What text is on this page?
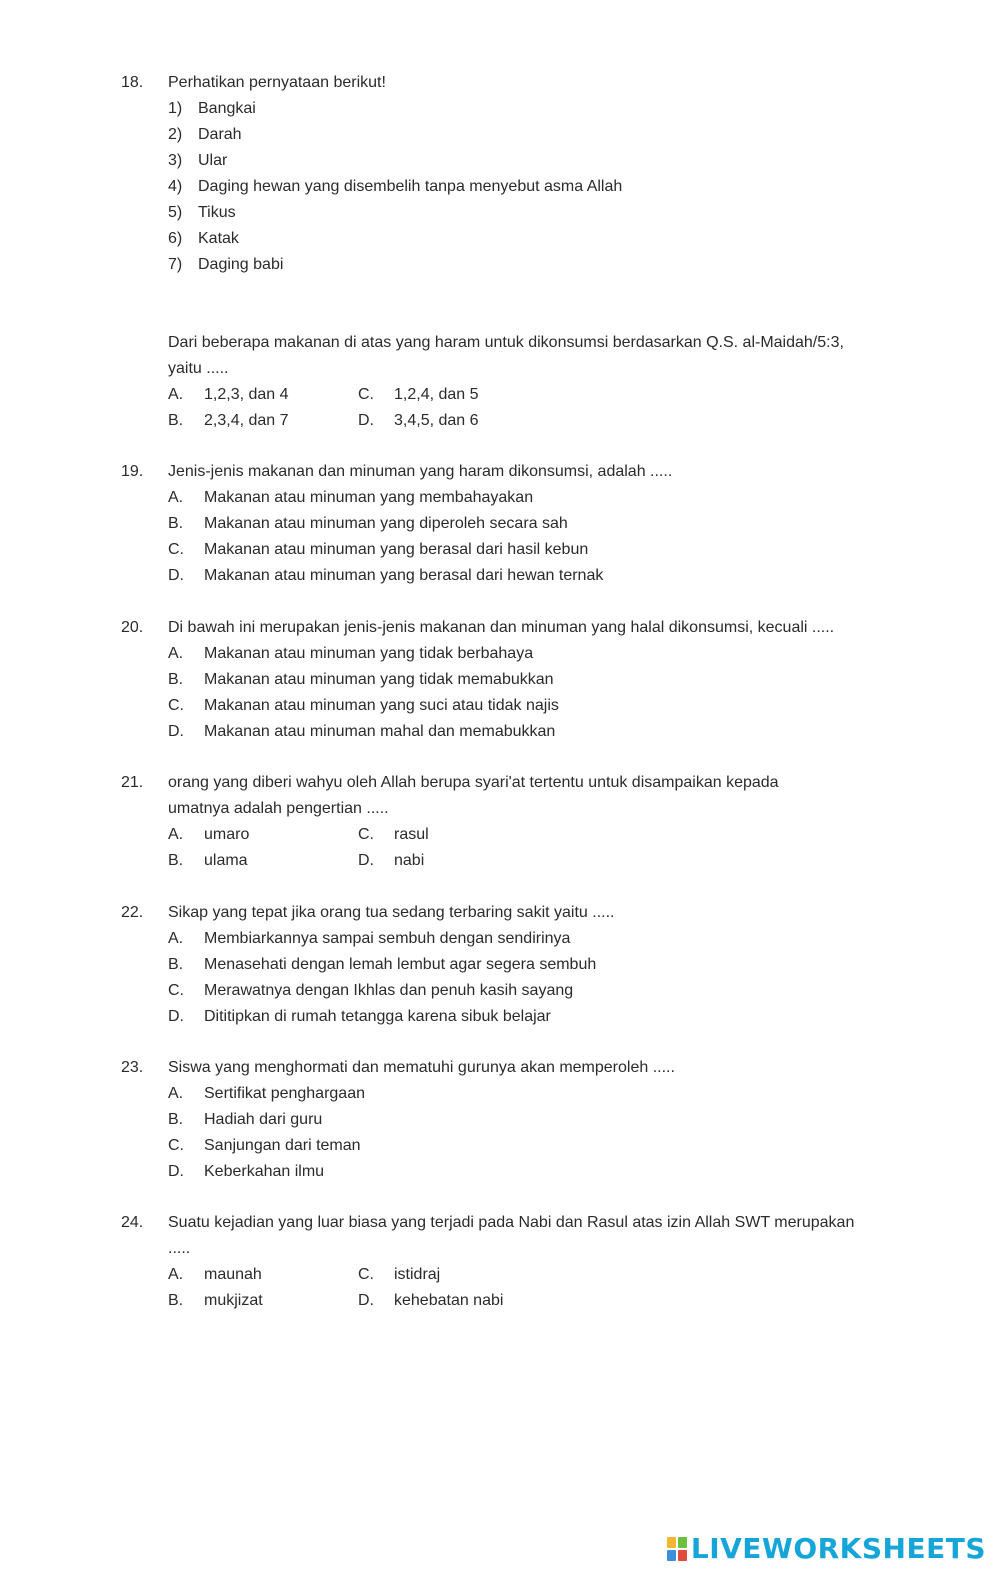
18. Perhatikan pernyataan berikut!
1) Bangkai
2) Darah
3) Ular
4) Daging hewan yang disembelih tanpa menyebut asma Allah
5) Tikus
6) Katak
7) Daging babi
Dari beberapa makanan di atas yang haram untuk dikonsumsi berdasarkan Q.S. al-Maidah/5:3,
yaitu .....
A. 1,2,3, dan 4	C. 1,2,4, dan 5
B. 2,3,4, dan 7	D. 3,4,5, dan 6
19. Jenis-jenis makanan dan minuman yang haram dikonsumsi, adalah .....
A. Makanan atau minuman yang membahayakan
B. Makanan atau minuman yang diperoleh secara sah
C. Makanan atau minuman yang berasal dari hasil kebun
D. Makanan atau minuman yang berasal dari hewan ternak
20. Di bawah ini merupakan jenis-jenis makanan dan minuman yang halal dikonsumsi, kecuali .....
A. Makanan atau minuman yang tidak berbahaya
B. Makanan atau minuman yang tidak memabukkan
C. Makanan atau minuman yang suci atau tidak najis
D. Makanan atau minuman mahal dan memabukkan
21. orang yang diberi wahyu oleh Allah berupa syari'at tertentu untuk disampaikan kepada
umatnya adalah pengertian .....
A. umaro	C. rasul
B. ulama	D. nabi
22. Sikap yang tepat jika orang tua sedang terbaring sakit yaitu .....
A. Membiarkannya sampai sembuh dengan sendirinya
B. Menasehati dengan lemah lembut agar segera sembuh
C. Merawatnya dengan Ikhlas dan penuh kasih sayang
D. Dititipkan di rumah tetangga karena sibuk belajar
23. Siswa yang menghormati dan mematuhi gurunya akan memperoleh .....
A. Sertifikat penghargaan
B. Hadiah dari guru
C. Sanjungan dari teman
D. Keberkahan ilmu
24. Suatu kejadian yang luar biasa yang terjadi pada Nabi dan Rasul atas izin Allah SWT merupakan
.....
A. maunah	C. istidraj
B. mukjizat	D. kehebatan nabi
LIVEWORKSHEETS
